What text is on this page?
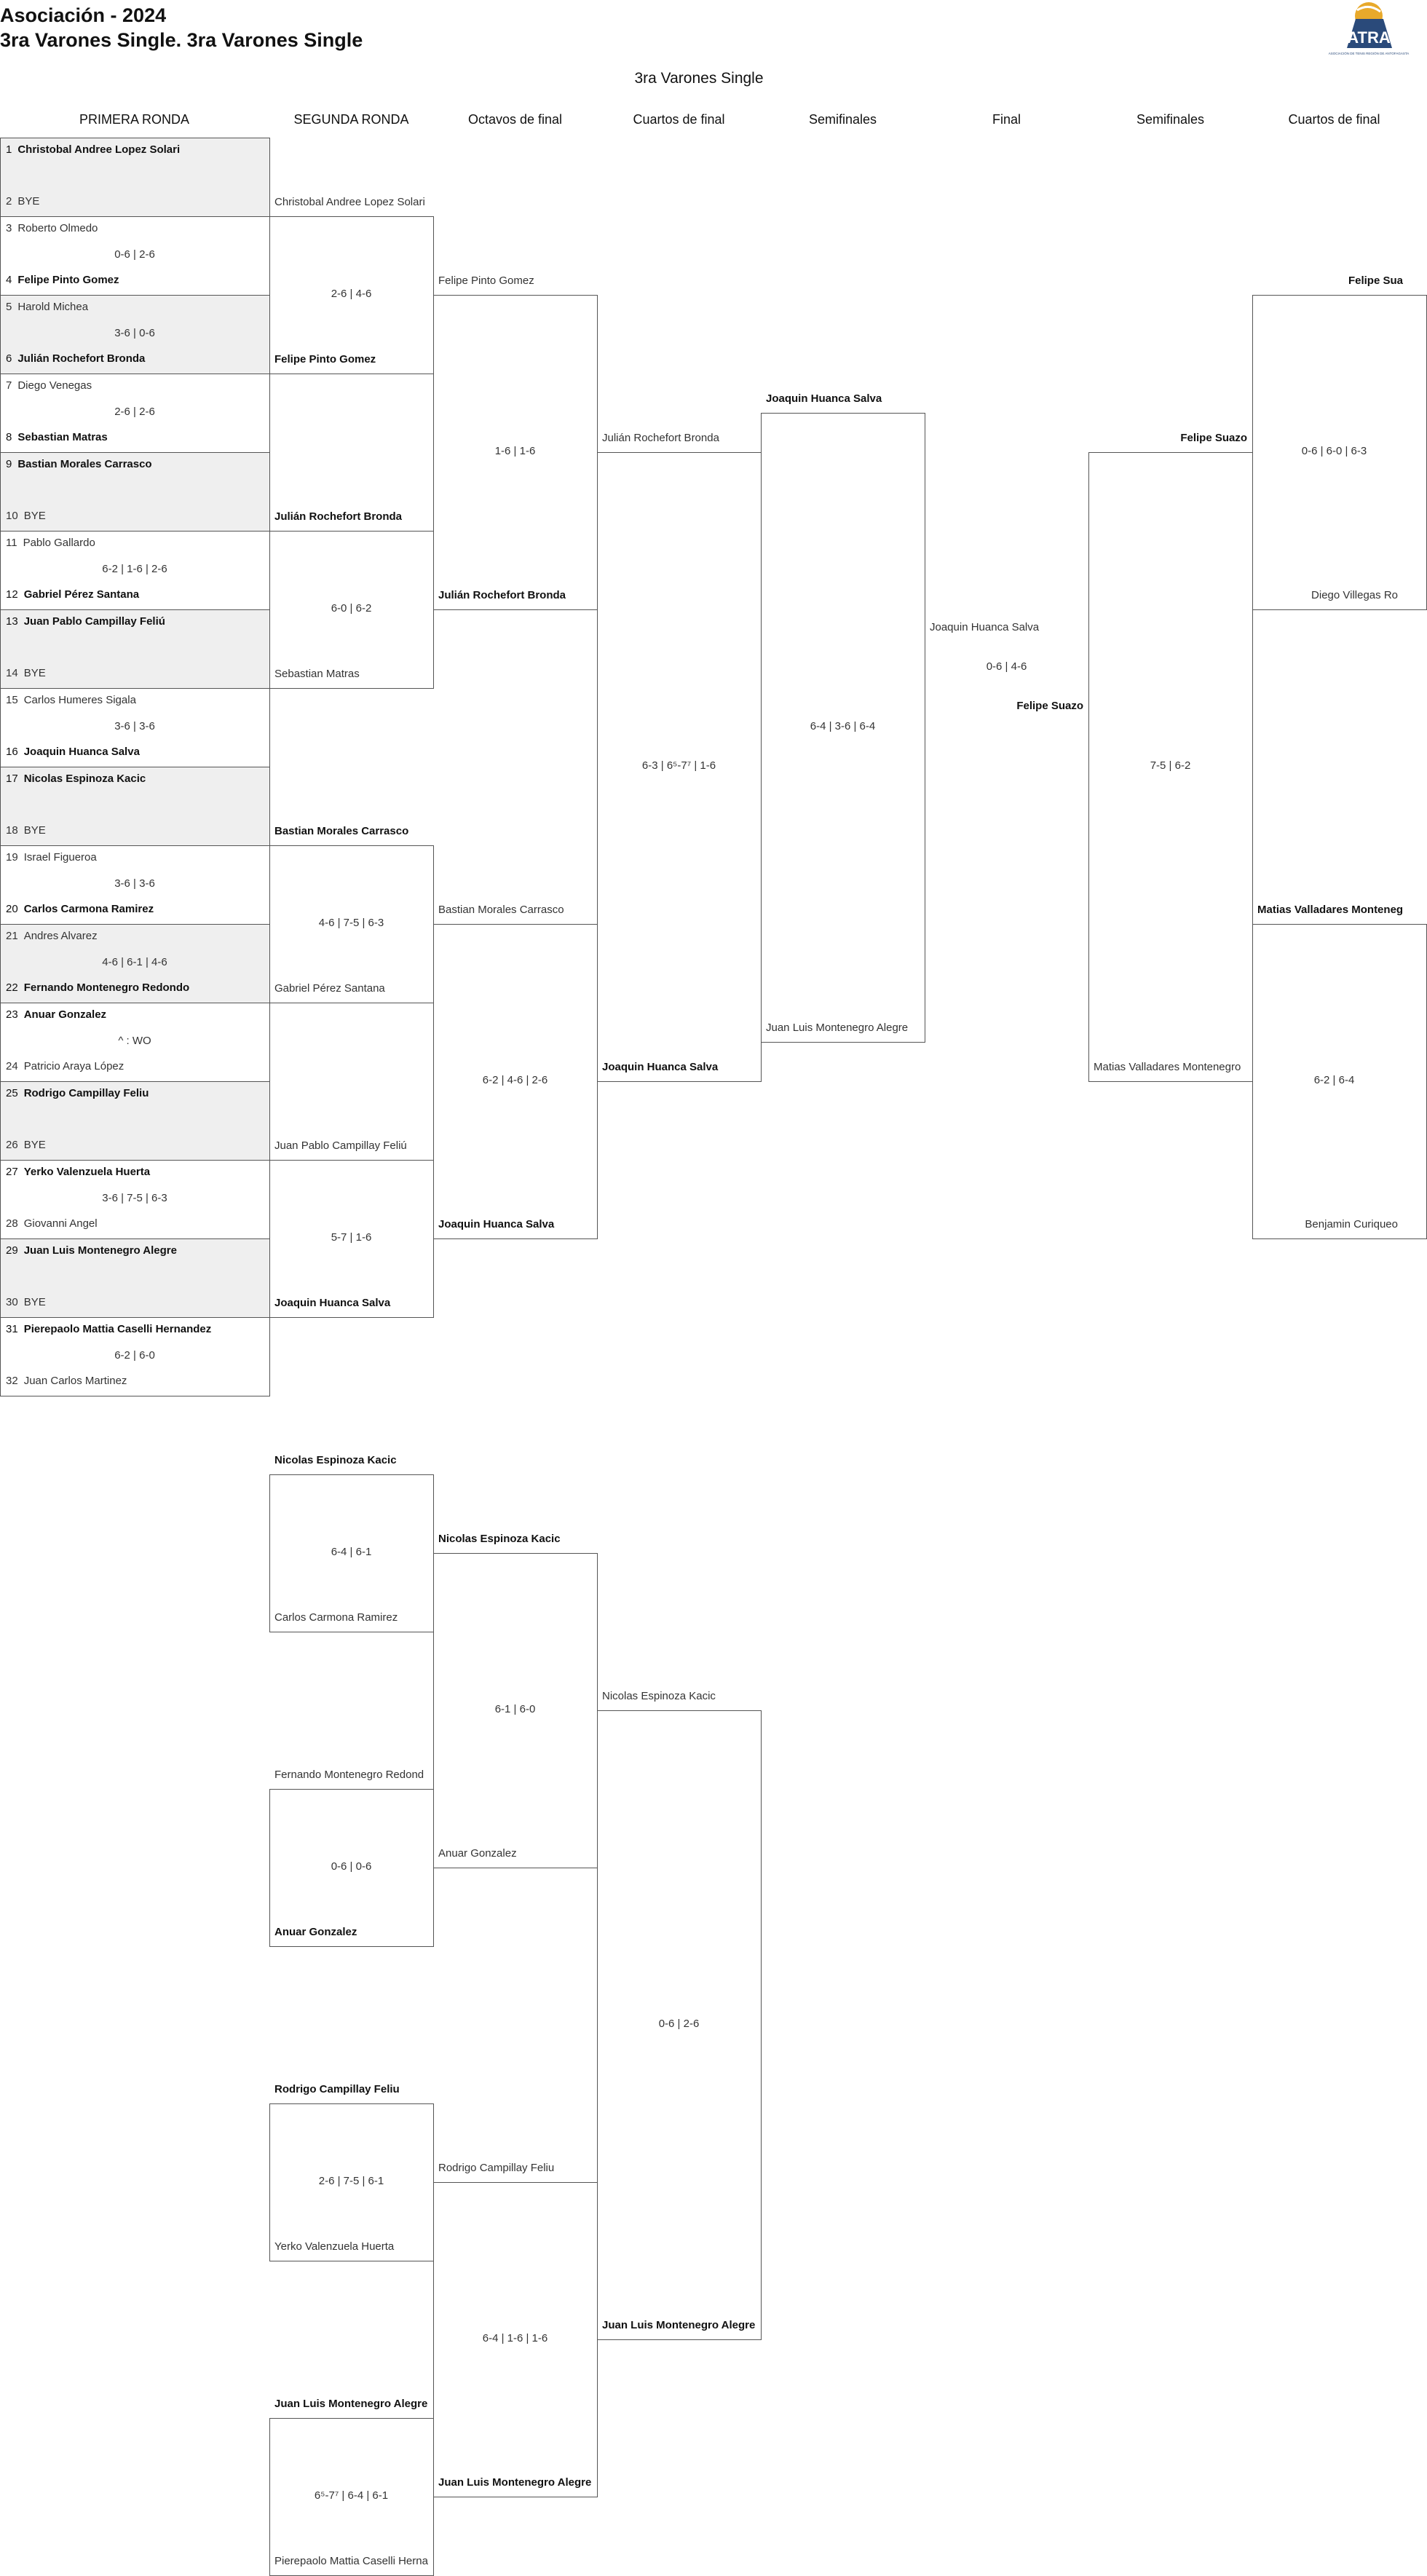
Asociación - 2024
3ra Varones Single. 3ra Varones Single
3ra Varones Single
ATRA
ASOCIACIÓN DE TENIS REGIÓN DE ANTOFAGASTA
PRIMERA RONDA	SEGUNDA RONDA	Octavos de final	Cuartos de final	Semifinales	Final	Semifinales	Cuartos de final
1 Christobal Andree Lopez Solari
2 BYE
3 Roberto Olmedo
0-6 | 2-6
4 Felipe Pinto Gomez
5 Harold Michea
3-6 | 0-6
6 Julián Rochefort Bronda
7 Diego Venegas
2-6 | 2-6
8 Sebastian Matras
9 Bastian Morales Carrasco
10 BYE
11 Pablo Gallardo
6-2 | 1-6 | 2-6
12 Gabriel Pérez Santana
13 Juan Pablo Campillay Feliú
14 BYE
15 Carlos Humeres Sigala
3-6 | 3-6
16 Joaquin Huanca Salva
17 Nicolas Espinoza Kacic
18 BYE
19 Israel Figueroa
3-6 | 3-6
20 Carlos Carmona Ramirez
21 Andres Alvarez
4-6 | 6-1 | 4-6
22 Fernando Montenegro Redondo
23 Anuar Gonzalez
^ : WO
24 Patricio Araya López
25 Rodrigo Campillay Feliu
26 BYE
27 Yerko Valenzuela Huerta
3-6 | 7-5 | 6-3
28 Giovanni Angel
29 Juan Luis Montenegro Alegre
30 BYE
31 Pierepaolo Mattia Caselli Hernandez
6-2 | 6-0
32 Juan Carlos Martinez
Christobal Andree Lopez Solari
2-6 | 4-6
Felipe Pinto Gomez
Julián Rochefort Bronda
6-0 | 6-2
Sebastian Matras
Bastian Morales Carrasco
4-6 | 7-5 | 6-3
Gabriel Pérez Santana
Juan Pablo Campillay Feliú
5-7 | 1-6
Joaquin Huanca Salva
Nicolas Espinoza Kacic
6-4 | 6-1
Carlos Carmona Ramirez
Fernando Montenegro Redond
0-6 | 0-6
Anuar Gonzalez
Rodrigo Campillay Feliu
2-6 | 7-5 | 6-1
Yerko Valenzuela Huerta
Juan Luis Montenegro Alegre
6⁵-7⁷ | 6-4 | 6-1
Pierepaolo Mattia Caselli Herna
Felipe Pinto Gomez
1-6 | 1-6
Julián Rochefort Bronda
Bastian Morales Carrasco
6-2 | 4-6 | 2-6
Joaquin Huanca Salva
Nicolas Espinoza Kacic
6-1 | 6-0
Anuar Gonzalez
Rodrigo Campillay Feliu
6-4 | 1-6 | 1-6
Juan Luis Montenegro Alegre
Julián Rochefort Bronda
6-3 | 6⁵-7⁷ | 1-6
Joaquin Huanca Salva
Nicolas Espinoza Kacic
0-6 | 2-6
Juan Luis Montenegro Alegre
Joaquin Huanca Salva
6-4 | 3-6 | 6-4
Juan Luis Montenegro Alegre
Joaquin Huanca Salva
0-6 | 4-6
Felipe Suazo
Felipe Suazo
7-5 | 6-2
Matias Valladares Montenegro
Felipe Sua
0-6 | 6-0 | 6-3
Diego Villegas Ro
Matias Valladares Monteneg
6-2 | 6-4
Benjamin Curiqueo
